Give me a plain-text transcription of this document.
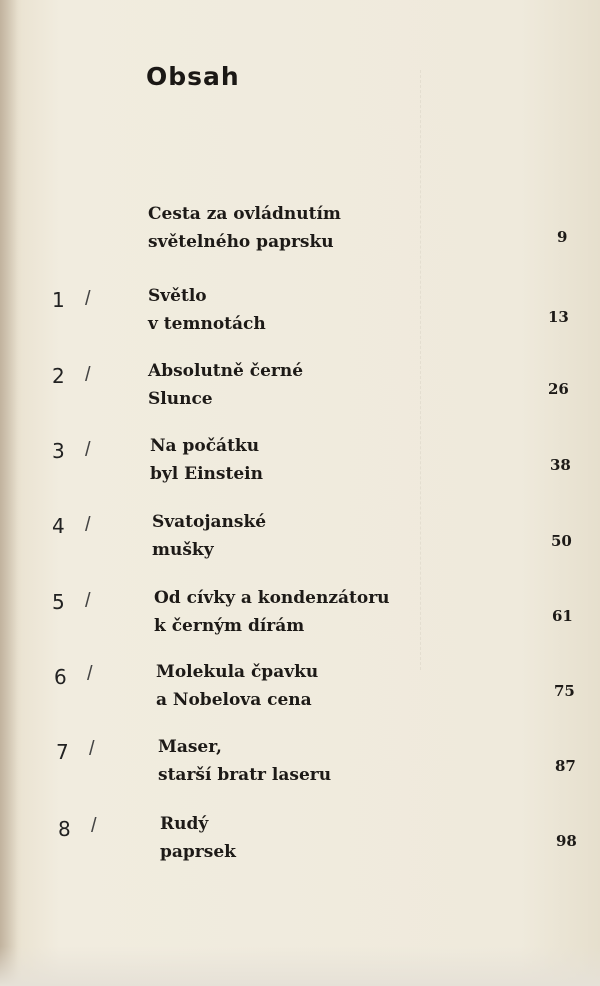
Obsah
Cesta za ovládnutím
světelného paprsku	9
1 /	Světlo
v temnotách	13
2 /	Absolutně černé
Slunce	26
3 /	Na počátku
byl Einstein	38
4 /	Svatojanské
mušky	50
5 /	Od cívky a kondenzátoru
k černým dírám	61
6 /	Molekula čpavku
a Nobelova cena	75
7 /	Maser,
starší bratr laseru	87
8 /	Rudý
paprsek
98
